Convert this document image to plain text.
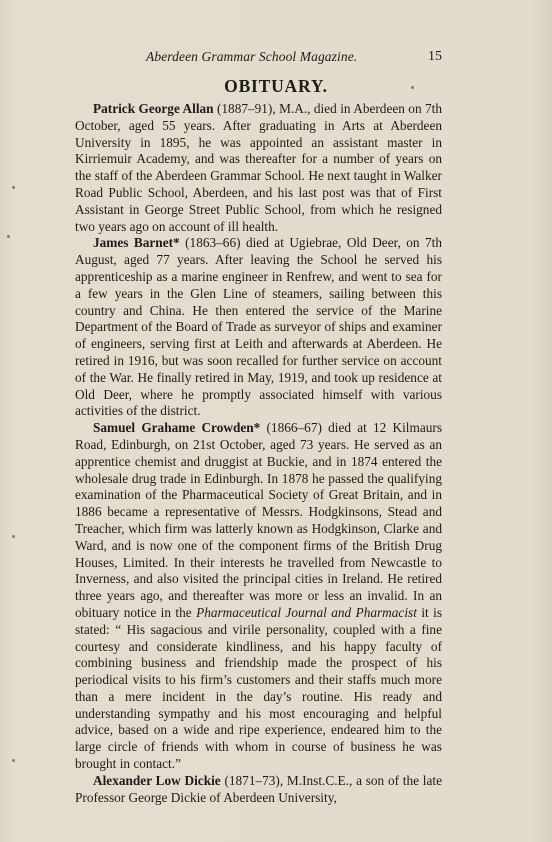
Aberdeen Grammar School Magazine.	15
OBITUARY.

Patrick George Allan (1887–91), M.A., died in Aberdeen on 7th October, aged 55 years. After graduating in Arts at Aberdeen University in 1895, he was appointed an assistant master in Kirriemuir Academy, and was thereafter for a number of years on the staff of the Aberdeen Grammar School. He next taught in Walker Road Public School, Aberdeen, and his last post was that of First Assistant in George Street Public School, from which he resigned two years ago on account of ill health.

James Barnet* (1863–66) died at Ugiebrae, Old Deer, on 7th August, aged 77 years. After leaving the School he served his apprenticeship as a marine engineer in Renfrew, and went to sea for a few years in the Glen Line of steamers, sailing between this country and China. He then entered the service of the Marine Department of the Board of Trade as surveyor of ships and examiner of engineers, serving first at Leith and afterwards at Aberdeen. He retired in 1916, but was soon recalled for further service on account of the War. He finally retired in May, 1919, and took up residence at Old Deer, where he promptly associated himself with various activities of the district.

Samuel Grahame Crowden* (1866–67) died at 12 Kilmaurs Road, Edinburgh, on 21st October, aged 73 years. He served as an apprentice chemist and druggist at Buckie, and in 1874 entered the wholesale drug trade in Edinburgh. In 1878 he passed the qualifying examination of the Pharmaceutical Society of Great Britain, and in 1886 became a representative of Messrs. Hodgkinsons, Stead and Treacher, which firm was latterly known as Hodgkinson, Clarke and Ward, and is now one of the component firms of the British Drug Houses, Limited. In their interests he travelled from Newcastle to Inverness, and also visited the principal cities in Ireland. He retired three years ago, and thereafter was more or less an invalid. In an obituary notice in the Pharmaceutical Journal and Pharmacist it is stated: “ His sagacious and virile personality, coupled with a fine courtesy and considerate kindliness, and his happy faculty of combining business and friendship made the prospect of his periodical visits to his firm’s customers and their staffs much more than a mere incident in the day’s routine. His ready and understanding sympathy and his most encouraging and helpful advice, based on a wide and ripe experience, endeared him to the large circle of friends with whom in course of business he was brought in contact.”

Alexander Low Dickie (1871–73), M.Inst.C.E., a son of the late Professor George Dickie of Aberdeen University,
